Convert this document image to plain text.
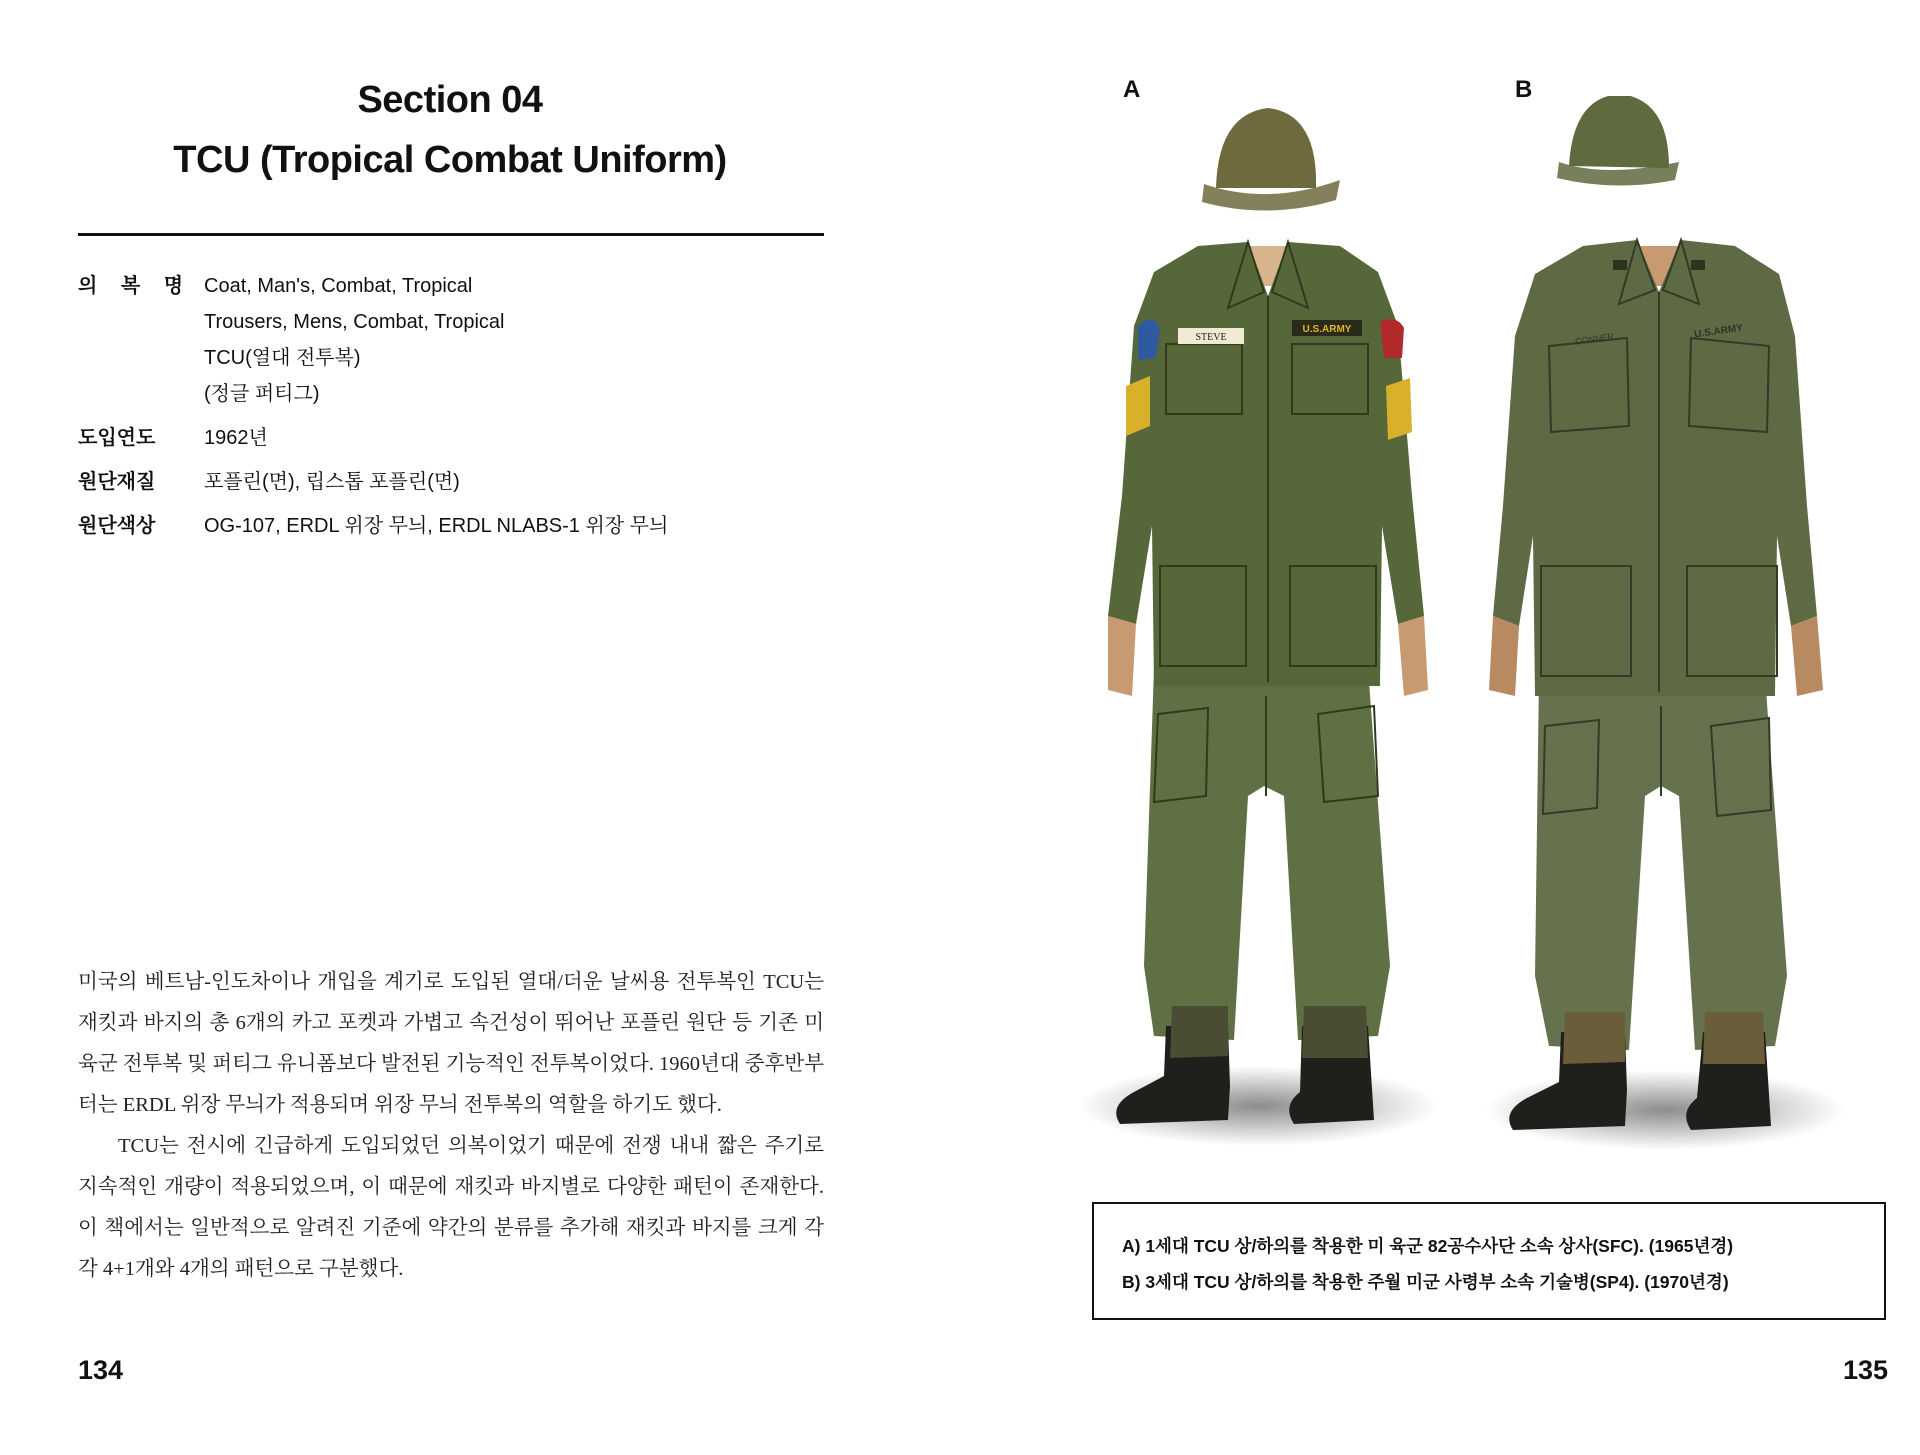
Section 04
TCU (Tropical Combat Uniform)
의 복 명 Coat, Man's, Combat, Tropical
Trousers, Mens, Combat, Tropical
TCU(열대 전투복)
(정글 퍼티그)
도입연도	1962년
원단재질	포플린(면), 립스톱 포플린(면)
원단색상	OG-107, ERDL 위장 무늬, ERDL NLABS-1 위장 무늬

미국의 베트남-인도차이나 개입을 계기로 도입된 열대/더운 날씨용 전투복인 TCU는 재킷과 바지의 총 6개의 카고 포켓과 가볍고 속건성이 뛰어난 포플린 원단 등 기존 미 육군 전투복 및 퍼티그 유니폼보다 발전된 기능적인 전투복이었다. 1960년대 중후반부터는 ERDL 위장 무늬가 적용되며 위장 무늬 전투복의 역할을 하기도 했다.

TCU는 전시에 긴급하게 도입되었던 의복이었기 때문에 전쟁 내내 짧은 주기로 지속적인 개량이 적용되었으며, 이 때문에 재킷과 바지별로 다양한 패턴이 존재한다. 이 책에서는 일반적으로 알려진 기준에 약간의 분류를 추가해 재킷과 바지를 크게 각각 4+1개와 4개의 패턴으로 구분했다.

134
A	B
STEVE
U.S.ARMY
CONNER	U.S.ARMY
A) 1세대 TCU 상/하의를 착용한 미 육군 82공수사단 소속 상사(SFC). (1965년경)
B) 3세대 TCU 상/하의를 착용한 주월 미군 사령부 소속 기술병(SP4). (1970년경)
135
